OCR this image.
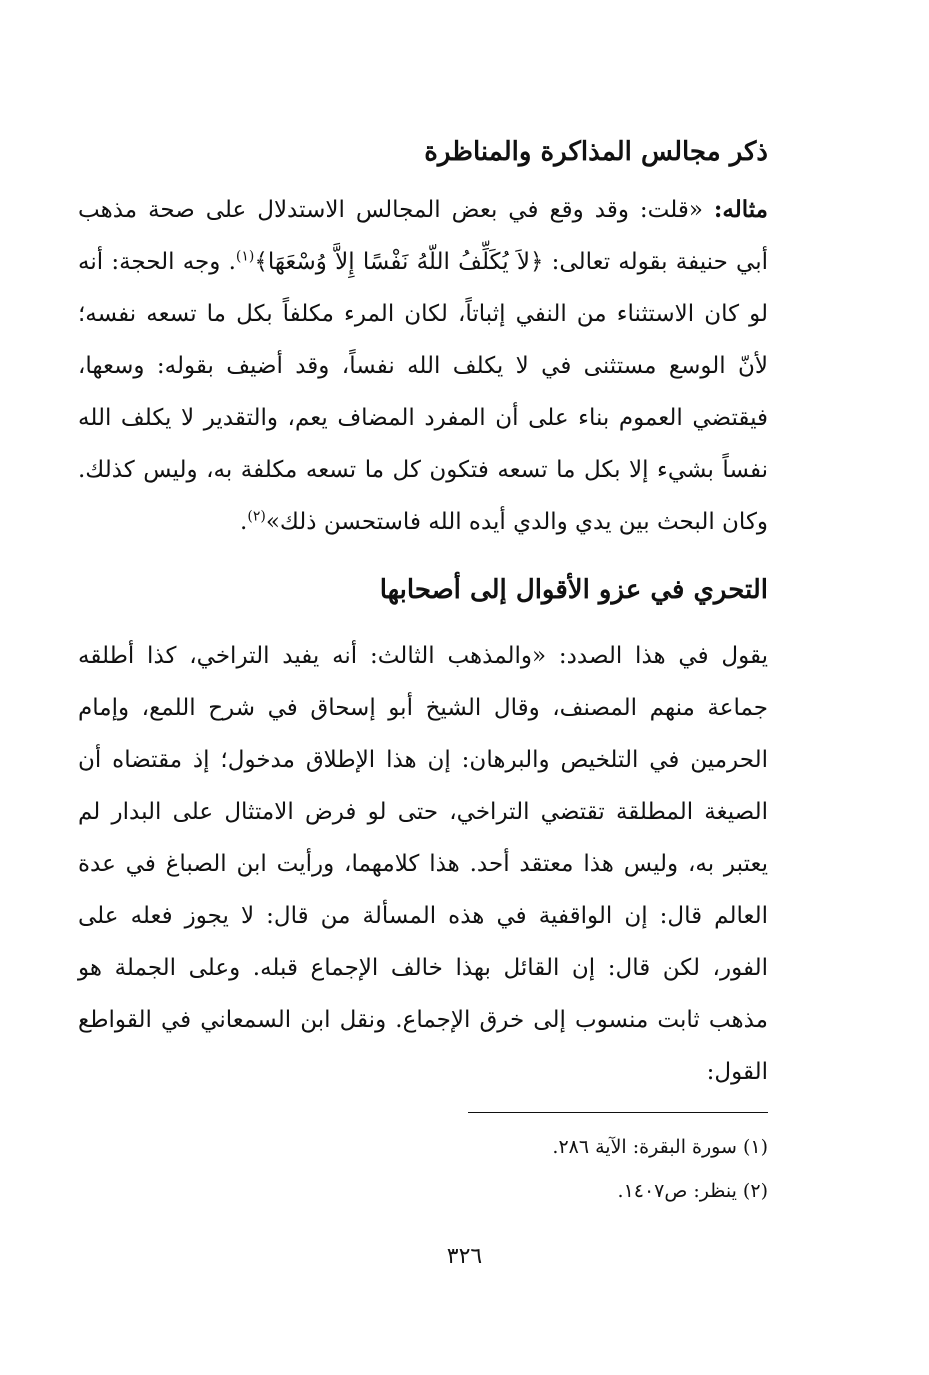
ذكر مجالس المذاكرة والمناظرة

مثاله: «قلت: وقد وقع في بعض المجالس الاستدلال على صحة مذهب أبي حنيفة بقوله تعالى: ﴿لاَ يُكَلِّفُ اللّهُ نَفْسًا إِلاَّ وُسْعَهَا﴾$^{(١)}$. وجه الحجة: أنه لو كان الاستثناء من النفي إثباتاً، لكان المرء مكلفاً بكل ما تسعه نفسه؛ لأنّ الوسع مستثنى في لا يكلف الله نفساً، وقد أضيف بقوله: وسعها، فيقتضي العموم بناء على أن المفرد المضاف يعم، والتقدير لا يكلف الله نفساً بشيء إلا بكل ما تسعه فتكون كل ما تسعه مكلفة به، وليس كذلك. وكان البحث بين يدي والدي أيده الله فاستحسن ذلك»$^{(٢)}$.

التحري في عزو الأقوال إلى أصحابها

يقول في هذا الصدد: «والمذهب الثالث: أنه يفيد التراخي، كذا أطلقه جماعة منهم المصنف، وقال الشيخ أبو إسحاق في شرح اللمع، وإمام الحرمين في التلخيص والبرهان: إن هذا الإطلاق مدخول؛ إذ مقتضاه أن الصيغة المطلقة تقتضي التراخي، حتى لو فرض الامتثال على البدار لم يعتبر به، وليس هذا معتقد أحد. هذا كلامهما، ورأيت ابن الصباغ في عدة العالم قال: إن الواقفية في هذه المسألة من قال: لا يجوز فعله على الفور، لكن قال: إن القائل بهذا خالف الإجماع قبله. وعلى الجملة هو مذهب ثابت منسوب إلى خرق الإجماع. ونقل ابن السمعاني في القواطع القول:

(١) سورة البقرة: الآية ٢٨٦.
(٢) ينظر: ص١٤٠٧.
٣٢٦
